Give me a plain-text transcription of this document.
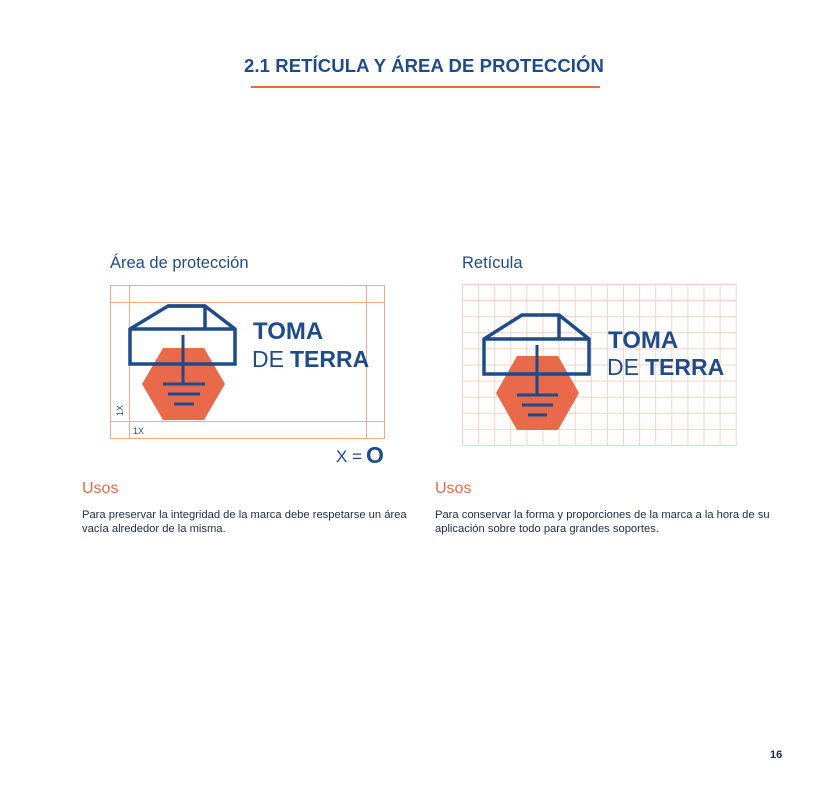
2.1 RETÍCULA Y ÁREA DE PROTECCIÓN
Área de protección	Retícula
TOMA
DE TERRA
1X
1X
X = O
TOMA
DE TERRA
Usos
Para preservar la integridad de la marca debe respetarse un área
vacía alrededor de la misma.
Usos
Para conservar la forma y proporciones de la marca a la hora de su
aplicación sobre todo para grandes soportes.
16
